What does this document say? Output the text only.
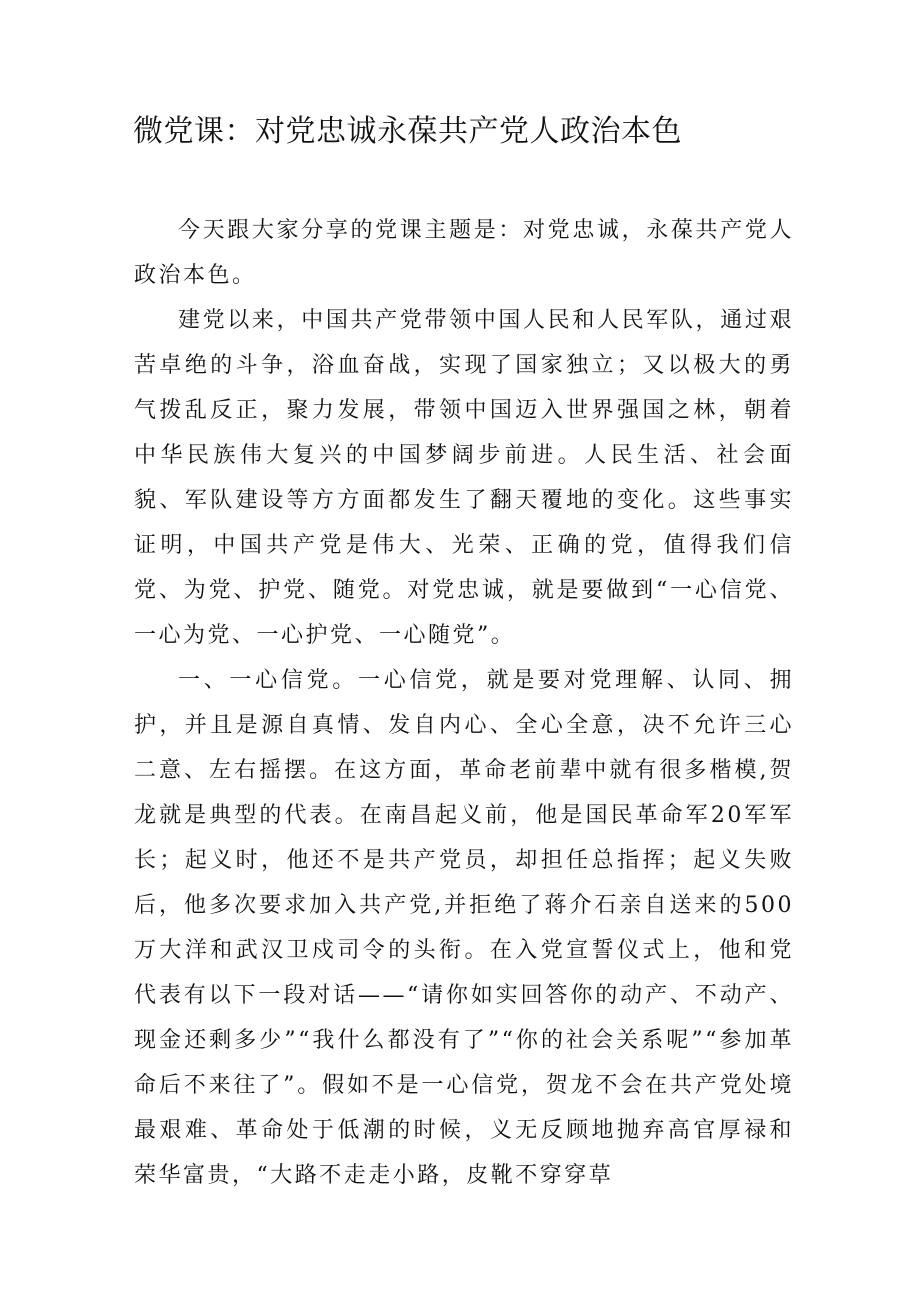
微党课：对党忠诚永葆共产党人政治本色

今天跟大家分享的党课主题是：对党忠诚，永葆共产党人政治本色。

建党以来，中国共产党带领中国人民和人民军队，通过艰苦卓绝的斗争，浴血奋战，实现了国家独立；又以极大的勇气拨乱反正，聚力发展，带领中国迈入世界强国之林，朝着中华民族伟大复兴的中国梦阔步前进。人民生活、社会面貌、军队建设等方方面都发生了翻天覆地的变化。这些事实证明，中国共产党是伟大、光荣、正确的党，值得我们信党、为党、护党、随党。对党忠诚，就是要做到“一心信党、一心为党、一心护党、一心随党”。

一、一心信党。一心信党，就是要对党理解、认同、拥护，并且是源自真情、发自内心、全心全意，决不允许三心二意、左右摇摆。在这方面，革命老前辈中就有很多楷模,贺龙就是典型的代表。在南昌起义前，他是国民革命军20军军长；起义时，他还不是共产党员，却担任总指挥；起义失败后，他多次要求加入共产党,并拒绝了蒋介石亲自送来的500万大洋和武汉卫戍司令的头衔。在入党宣誓仪式上，他和党代表有以下一段对话——“请你如实回答你的动产、不动产、现金还剩多少”“我什么都没有了”“你的社会关系呢”“参加革命后不来往了”。假如不是一心信党，贺龙不会在共产党处境最艰难、革命处于低潮的时候，义无反顾地抛弃高官厚禄和荣华富贵，“大路不走走小路，皮靴不穿穿草
